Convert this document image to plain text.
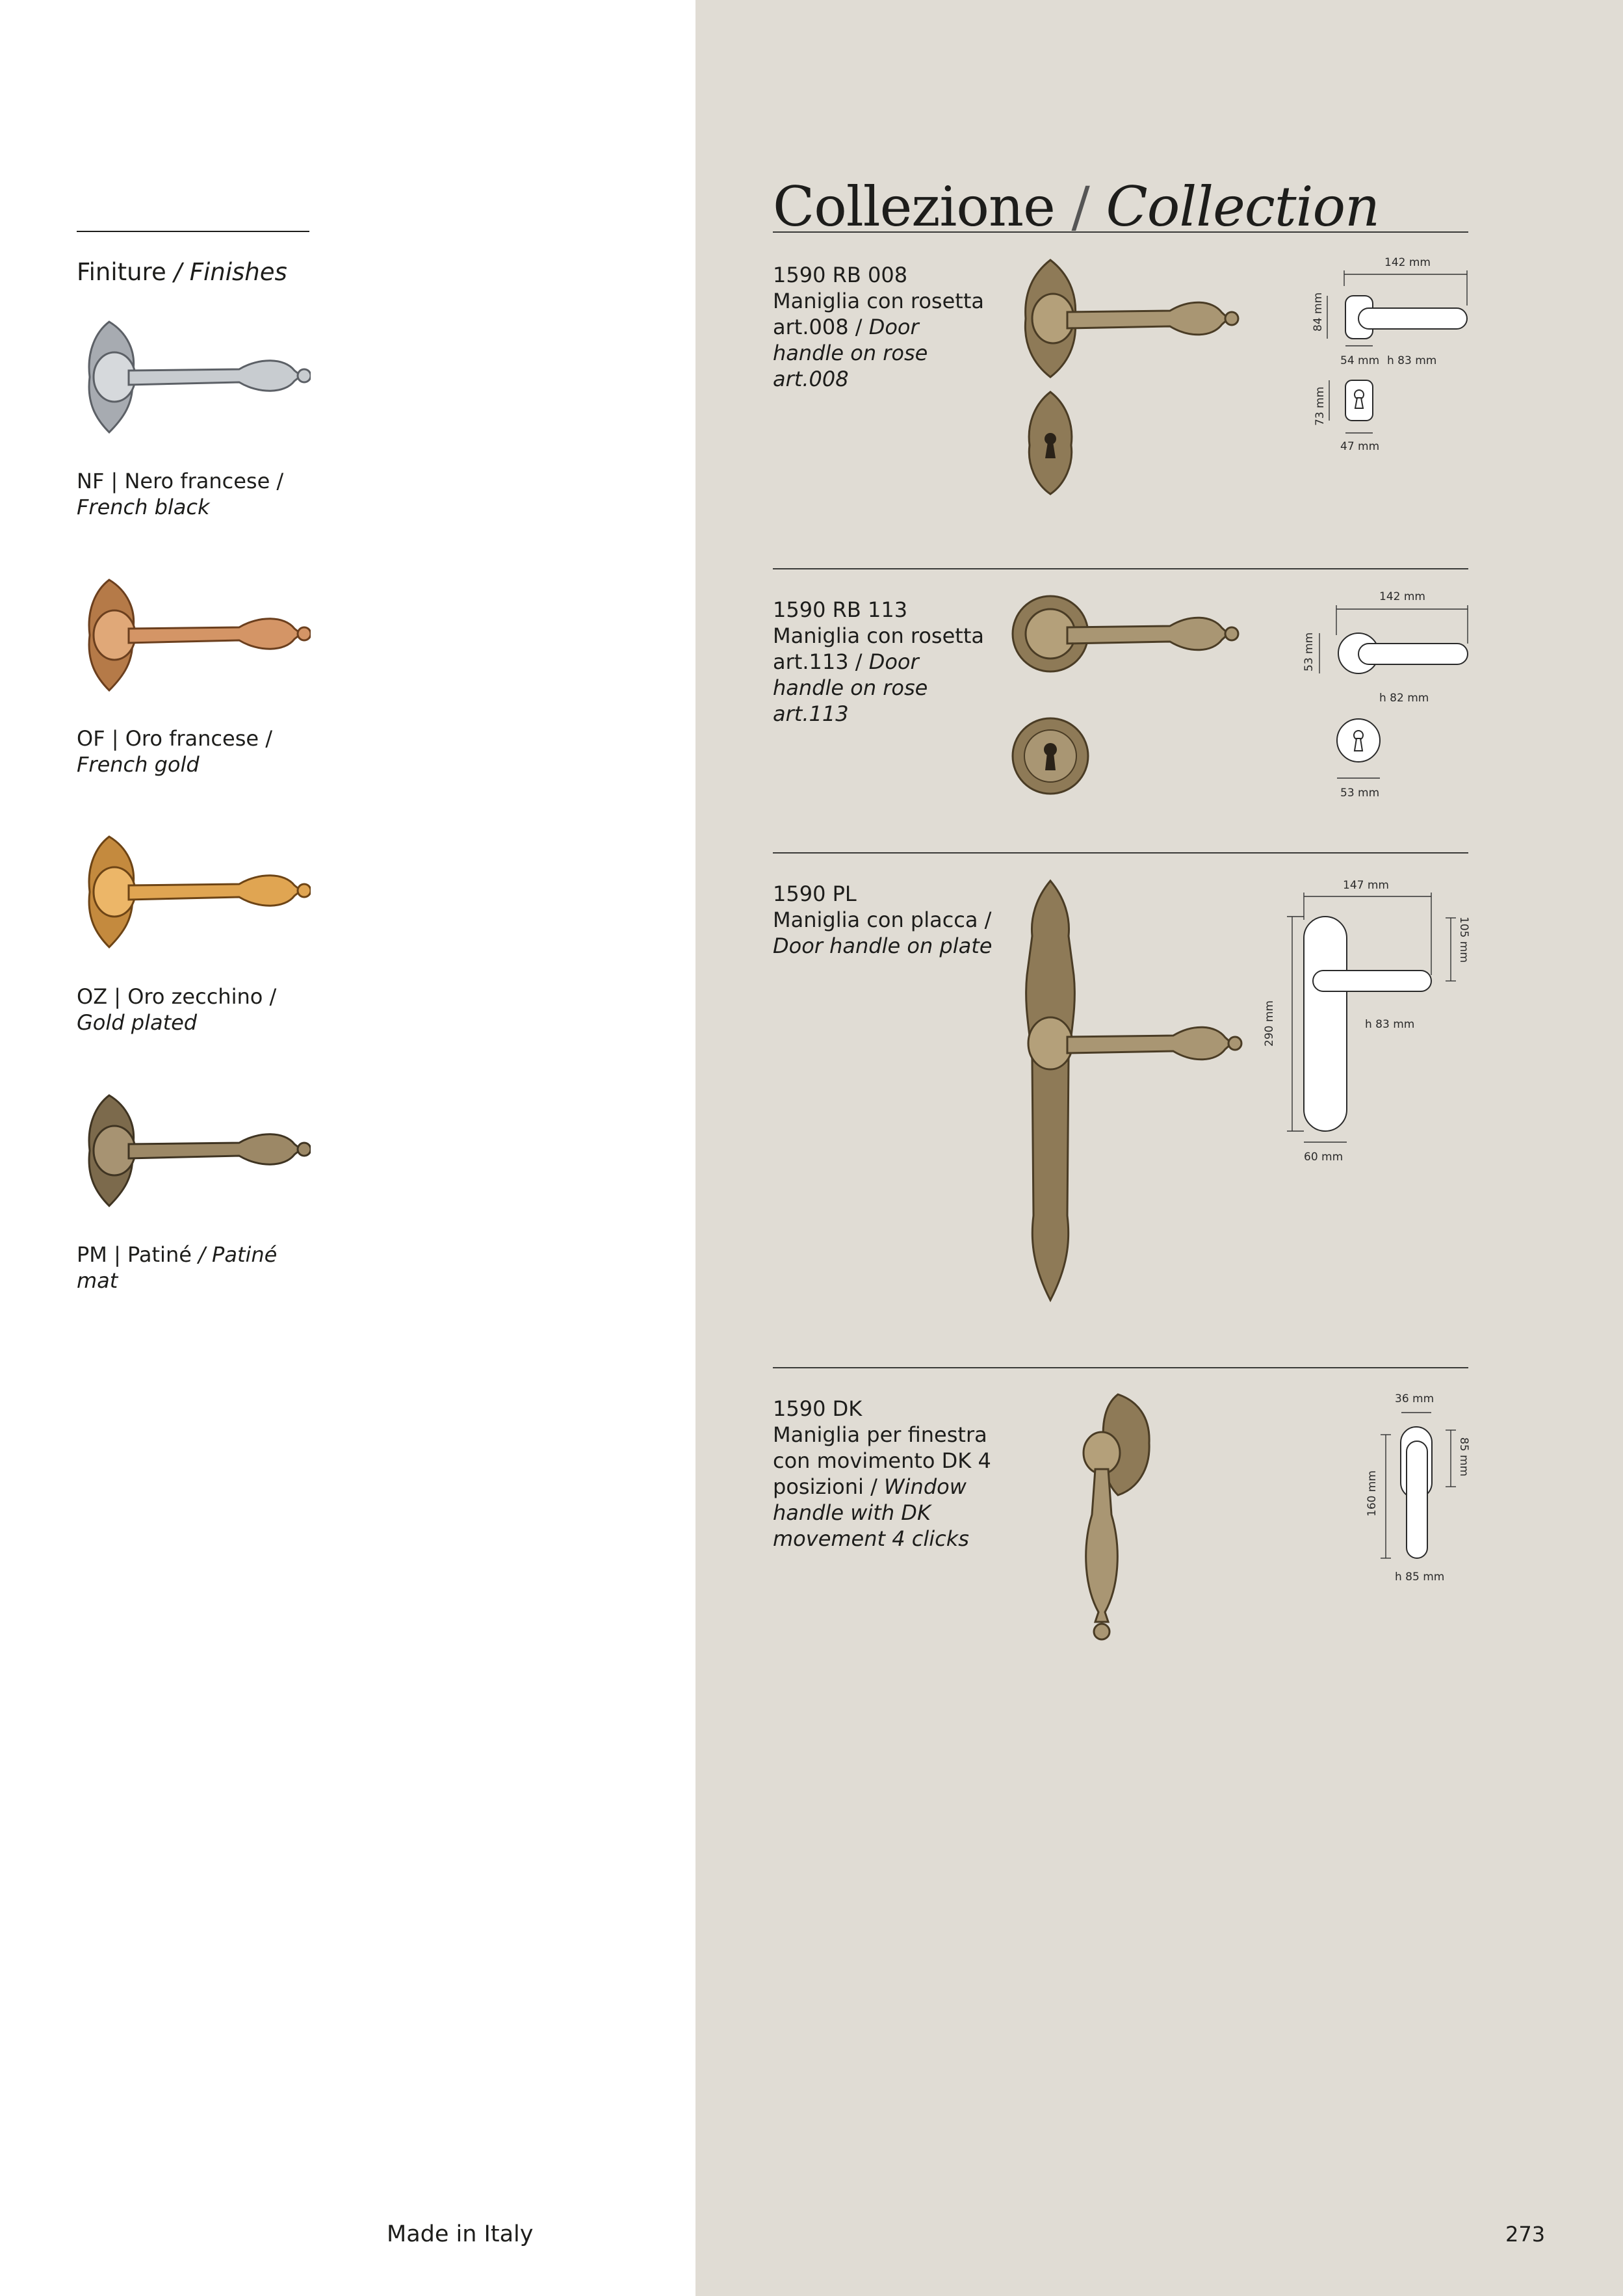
Finiture / Finishes
NF | Nero francese /
French black
OF | Oro francese /
French gold
OZ | Oro zecchino /
Gold plated
PM | Patiné / Patiné mat
Collezione / Collection
1590 RB 008
Maniglia con rosetta art.008 / Door handle on rose art.008
142 mm
84 mm
54 mm h 83 mm
73 mm
47 mm
1590 RB 113
Maniglia con rosetta art.113 / Door handle on rose art.113
142 mm
53 mm
h 82 mm
53 mm
1590 PL
Maniglia con placca / Door handle on plate
147 mm
105 mm
290 mm	h 83 mm
60 mm
1590 DK
Maniglia per finestra con movimento DK 4 posizioni / Window handle with DK movement 4 clicks
36 mm
85 mm
160 mm
h 85 mm
Made in Italy	273
